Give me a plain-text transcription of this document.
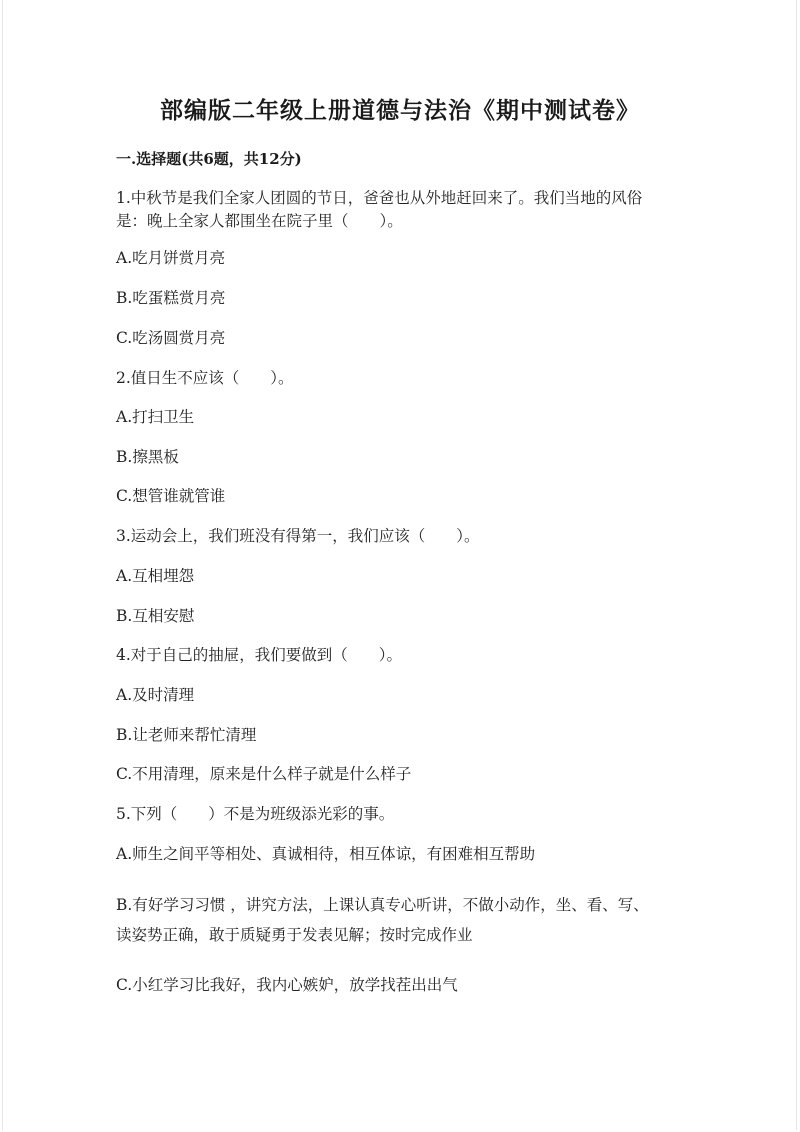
部编版二年级上册道德与法治《期中测试卷》
一.选择题(共6题，共12分)
1.中秋节是我们全家人团圆的节日，爸爸也从外地赶回来了。我们当地的风俗
是：晚上全家人都围坐在院子里（　　）。
A.吃月饼赏月亮
B.吃蛋糕赏月亮
C.吃汤圆赏月亮
2.值日生不应该（　　）。
A.打扫卫生
B.擦黑板
C.想管谁就管谁
3.运动会上，我们班没有得第一，我们应该（　　）。
A.互相埋怨
B.互相安慰
4.对于自己的抽屉，我们要做到（　　）。
A.及时清理
B.让老师来帮忙清理
C.不用清理，原来是什么样子就是什么样子
5.下列（　　）不是为班级添光彩的事。
A.师生之间平等相处、真诚相待，相互体谅，有困难相互帮助
B.有好学习习惯 ，讲究方法，上课认真专心听讲，不做小动作，坐、看、写、
读姿势正确，敢于质疑勇于发表见解；按时完成作业
C.小红学习比我好，我内心嫉妒，放学找茬出出气
